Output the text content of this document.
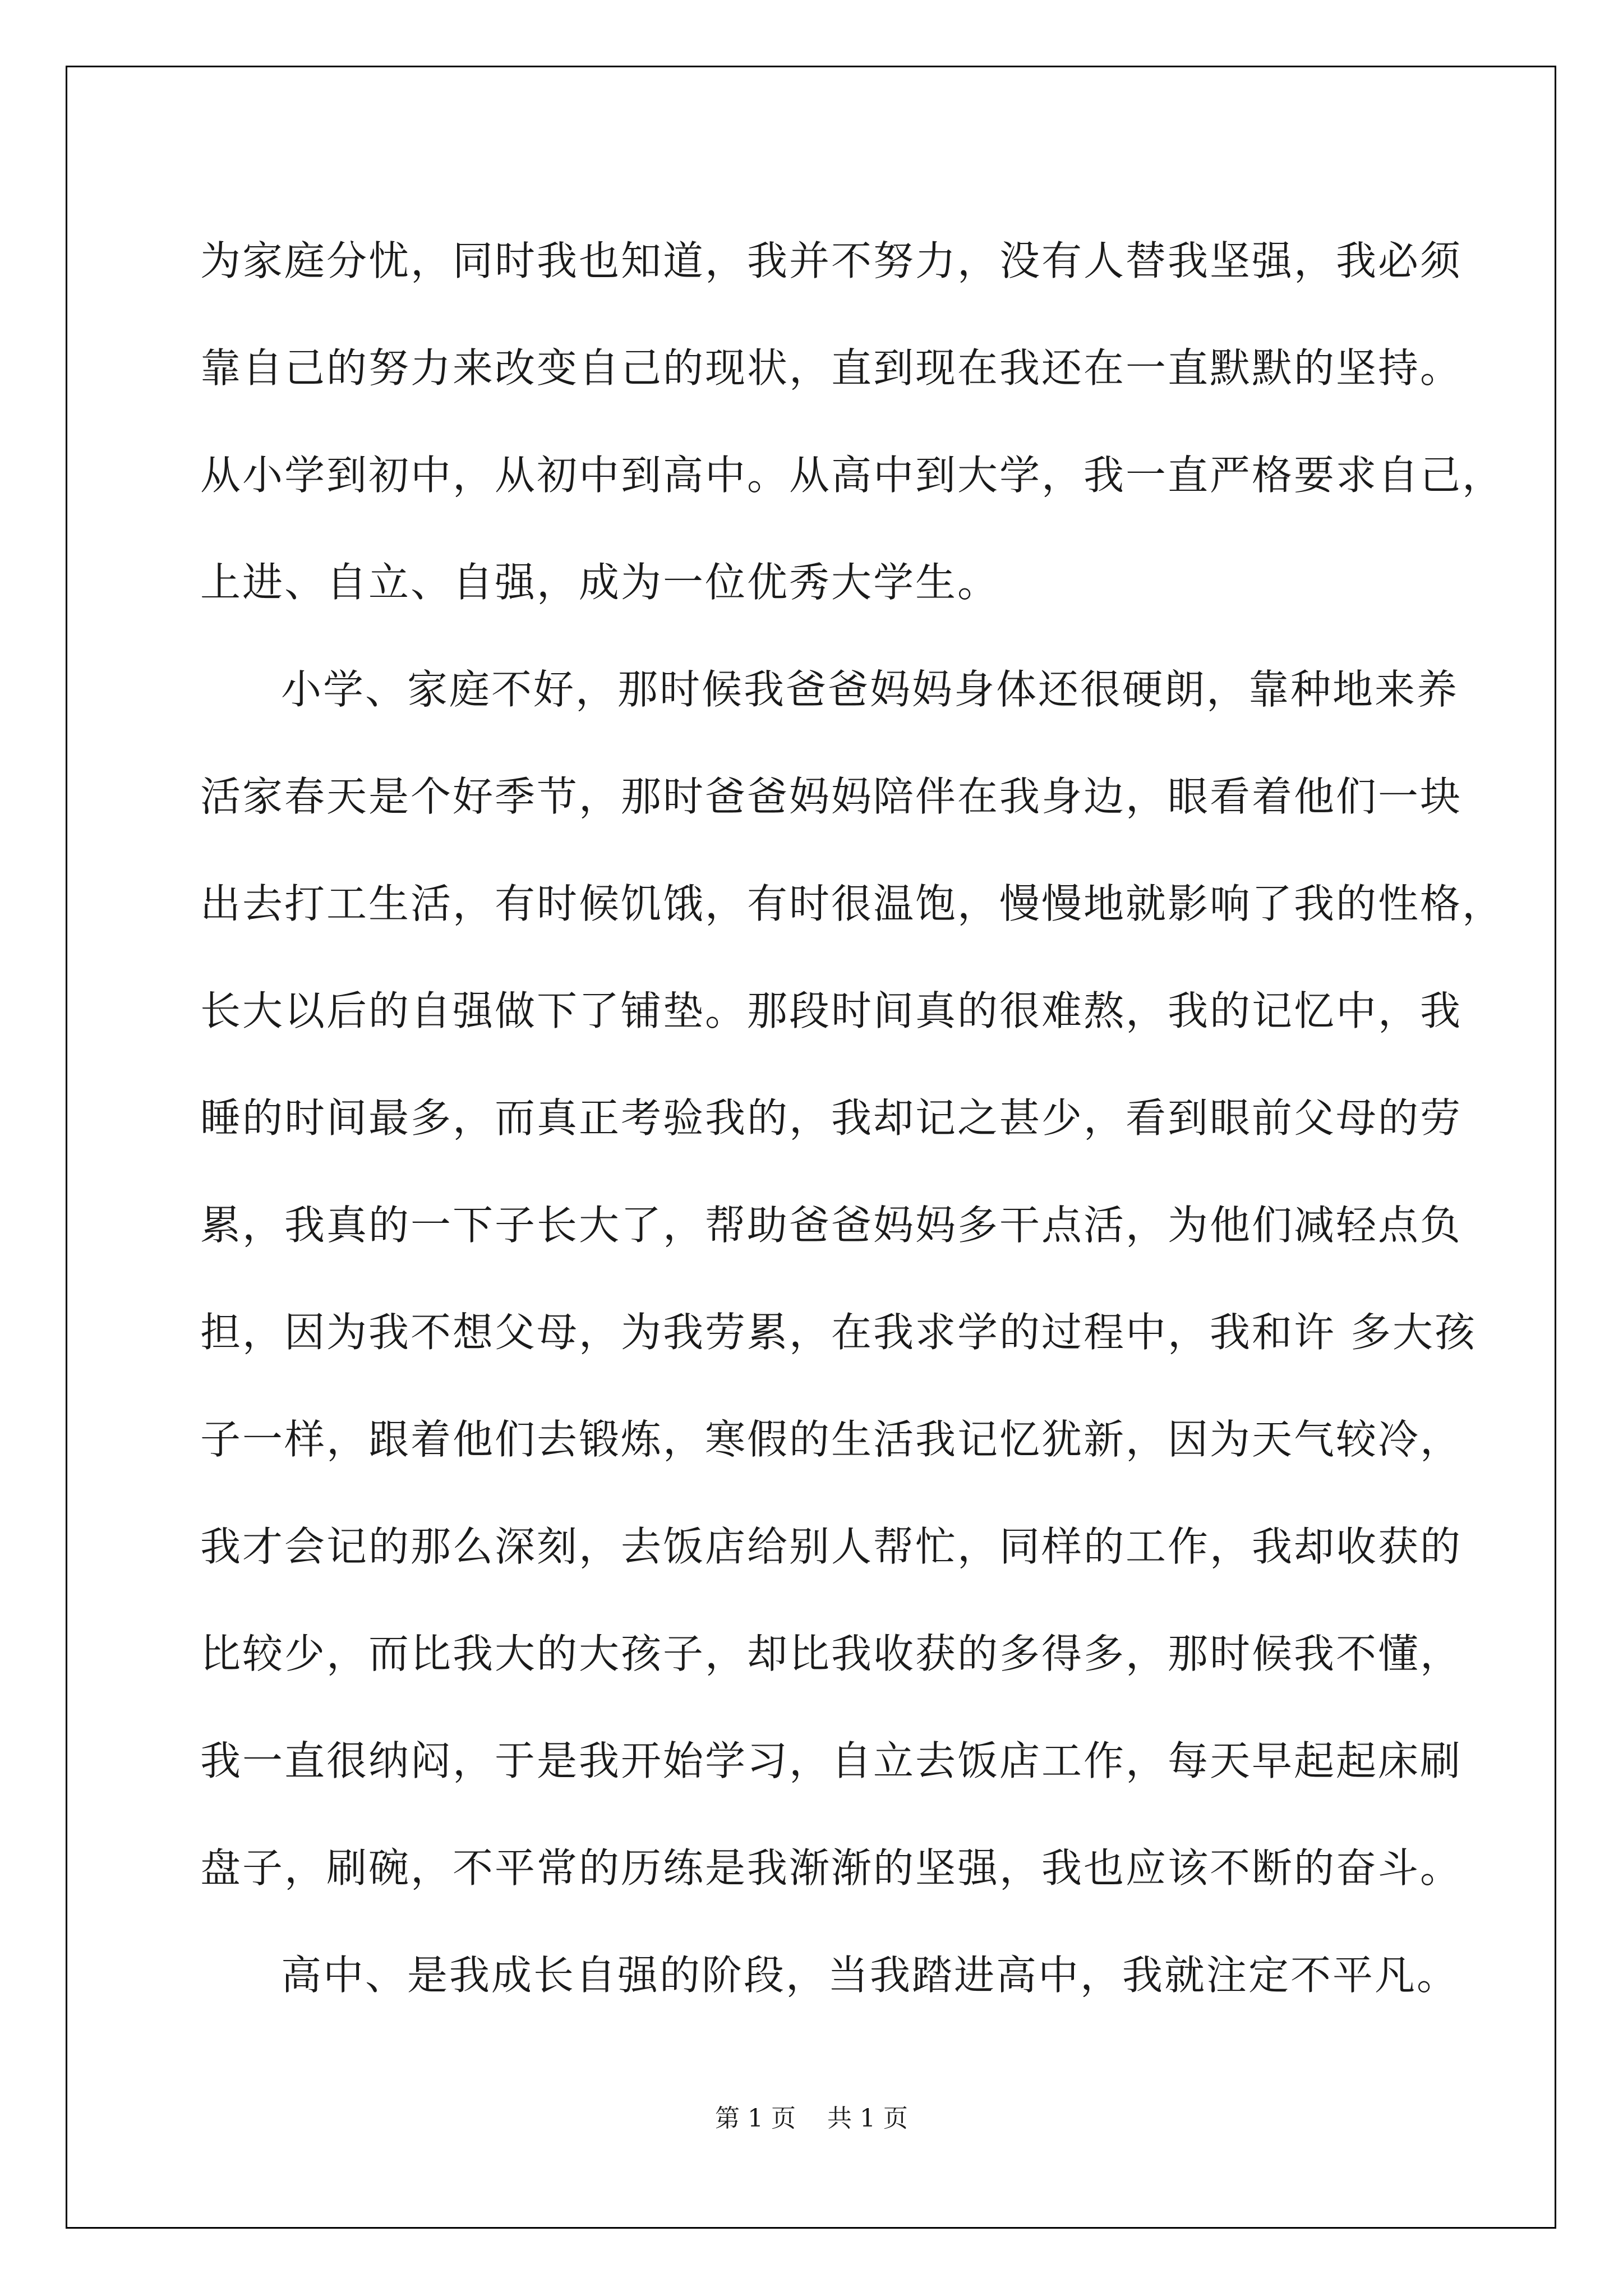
为家庭分忧，同时我也知道，我并不努力，没有人替我坚强，我必须
靠自己的努力来改变自己的现状，直到现在我还在一直默默的坚持。
从小学到初中，从初中到高中。从高中到大学，我一直严格要求自己，
上进、自立、自强，成为一位优秀大学生。
小学、家庭不好，那时候我爸爸妈妈身体还很硬朗，靠种地来养
活家春天是个好季节，那时爸爸妈妈陪伴在我身边，眼看着他们一块
出去打工生活，有时候饥饿，有时很温饱，慢慢地就影响了我的性格，
长大以后的自强做下了铺垫。那段时间真的很难熬，我的记忆中，我
睡的时间最多，而真正考验我的，我却记之甚少，看到眼前父母的劳
累，我真的一下子长大了，帮助爸爸妈妈多干点活，为他们减轻点负
担，因为我不想父母，为我劳累，在我求学的过程中，我和许 多大孩
子一样，跟着他们去锻炼，寒假的生活我记忆犹新，因为天气较冷，
我才会记的那么深刻，去饭店给别人帮忙，同样的工作，我却收获的
比较少，而比我大的大孩子，却比我收获的多得多，那时候我不懂，
我一直很纳闷，于是我开始学习，自立去饭店工作，每天早起起床刷
盘子，刷碗，不平常的历练是我渐渐的坚强，我也应该不断的奋斗。
高中、是我成长自强的阶段，当我踏进高中，我就注定不平凡。
第 1 页    共 1 页
